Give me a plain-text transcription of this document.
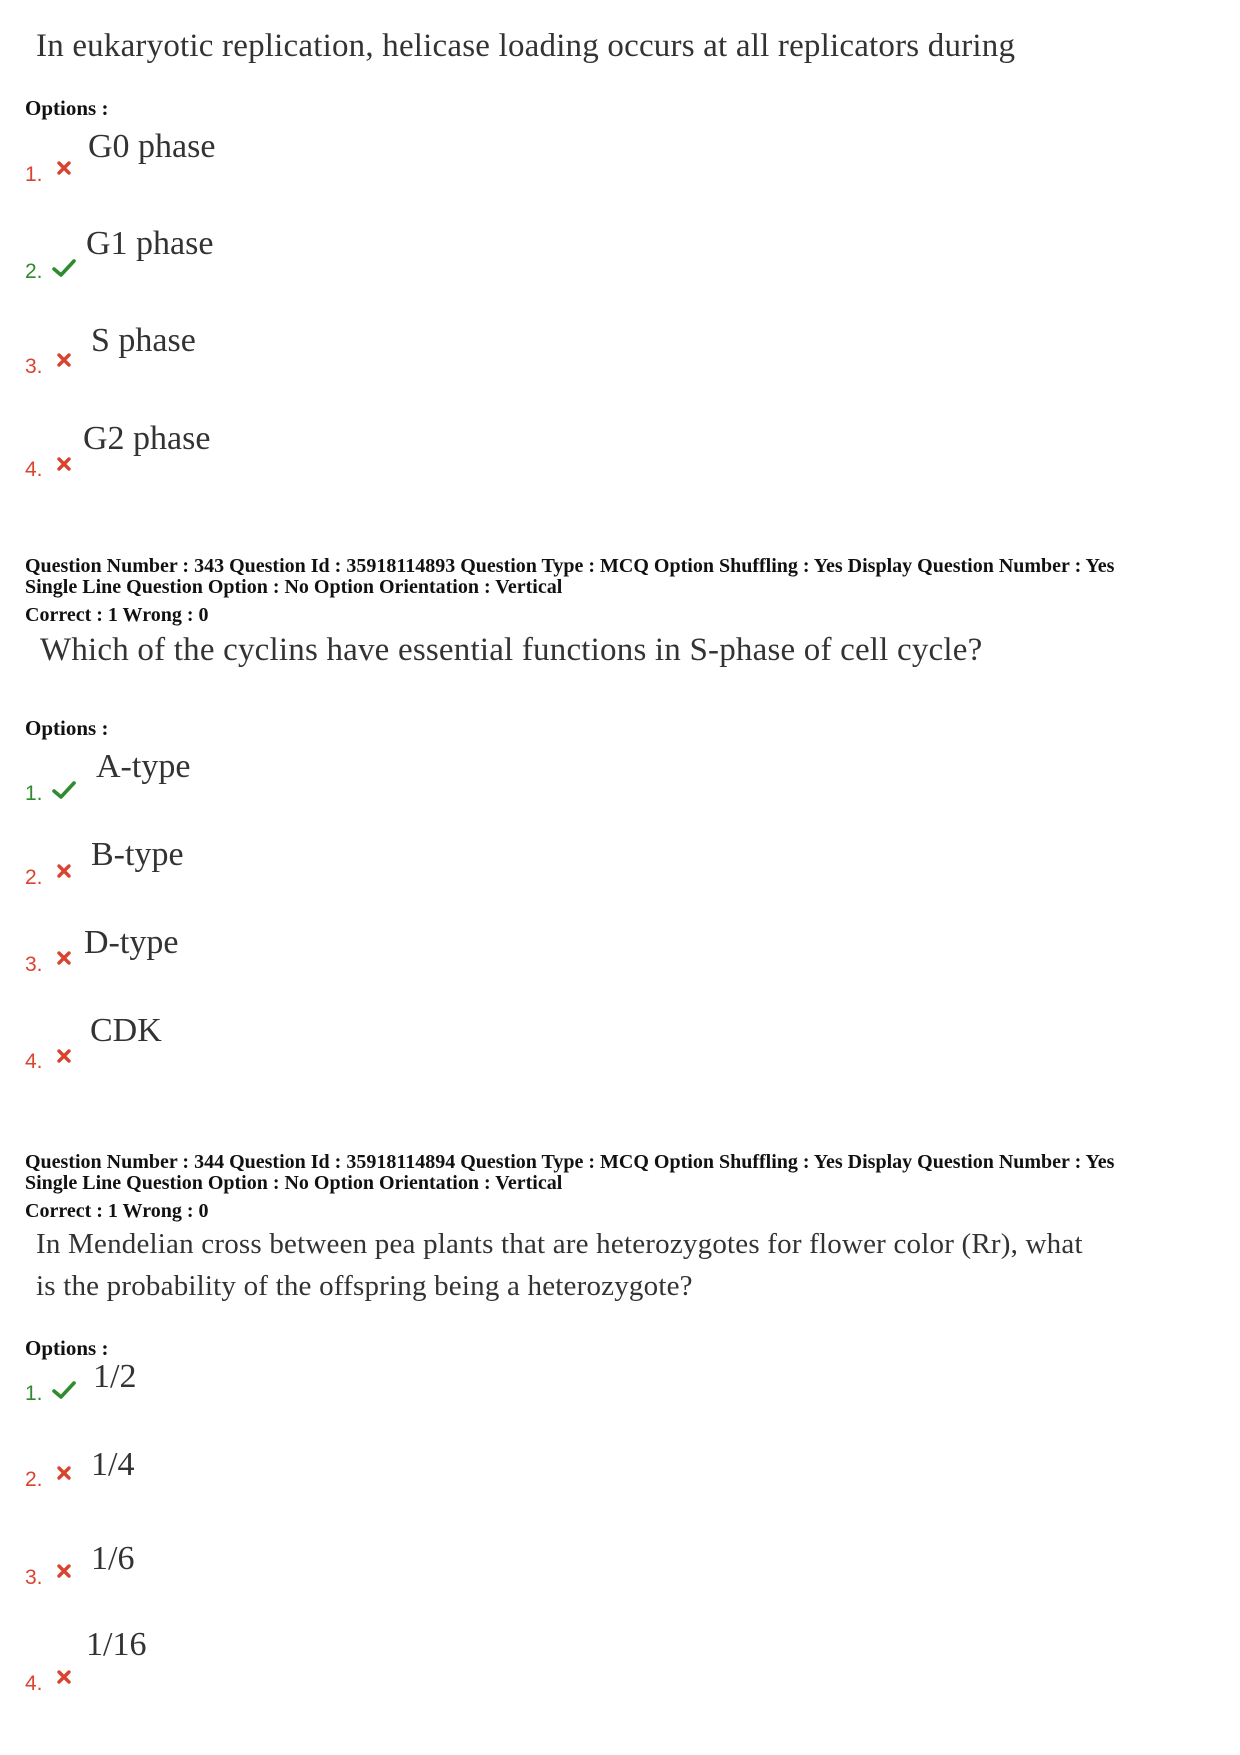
In eukaryotic replication, helicase loading occurs at all replicators during
Options :
1.
G0 phase
2.
G1 phase
3.
S phase
4.
G2 phase
Question Number : 343 Question Id : 35918114893 Question Type : MCQ Option Shuffling : Yes Display Question Number : Yes
Single Line Question Option : No Option Orientation : Vertical
Correct : 1 Wrong : 0
Which of the cyclins have essential functions in S-phase of cell cycle?
Options :
1.
A-type
2.
B-type
3.
D-type
4.
CDK
Question Number : 344 Question Id : 35918114894 Question Type : MCQ Option Shuffling : Yes Display Question Number : Yes
Single Line Question Option : No Option Orientation : Vertical
Correct : 1 Wrong : 0
In Mendelian cross between pea plants that are heterozygotes for flower color (Rr), what
is the probability of the offspring being a heterozygote?
Options :
1. 1/2
2. 1/4
3.
1/6
4.
1/16
